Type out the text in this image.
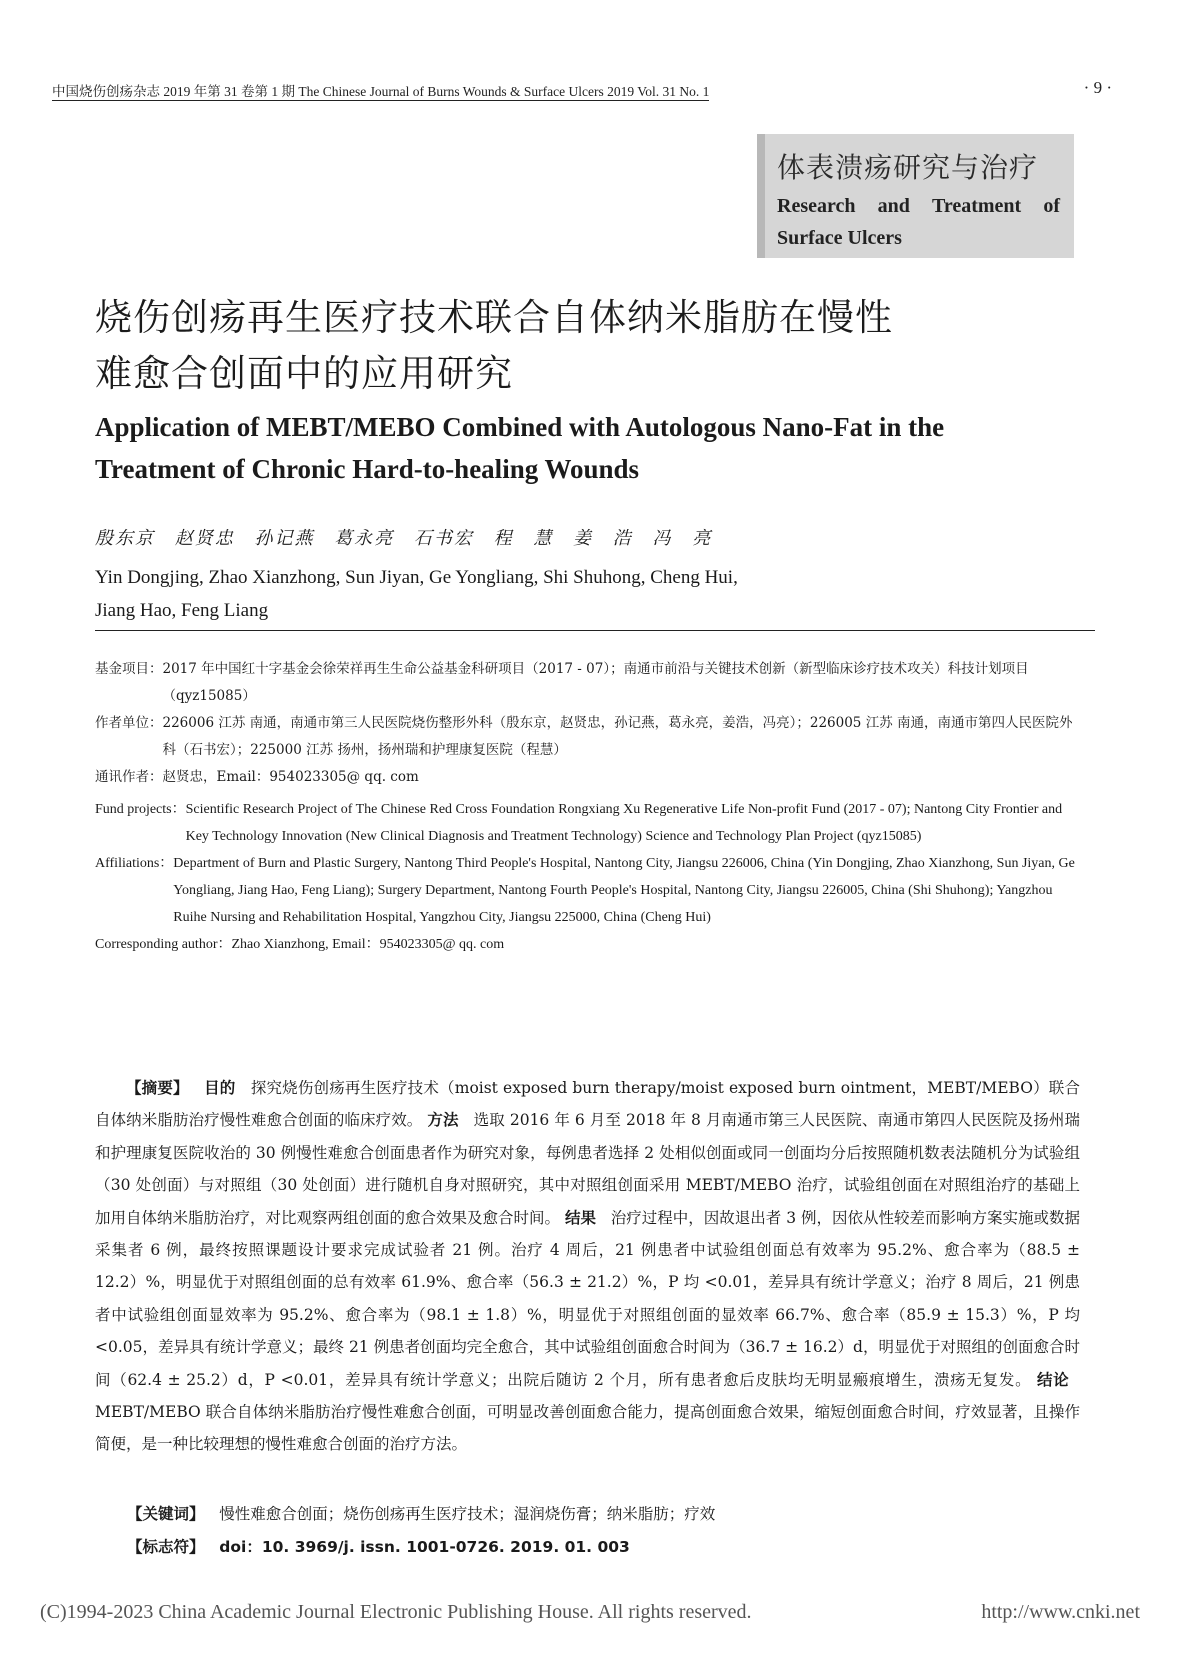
中国烧伤创疡杂志 2019 年第 31 卷第 1 期 The Chinese Journal of Burns Wounds & Surface Ulcers 2019 Vol. 31 No. 1	· 9 ·
体表溃疡研究与治疗
Research and Treatment of
Surface Ulcers
烧伤创疡再生医疗技术联合自体纳米脂肪在慢性
难愈合创面中的应用研究
Application of MEBT/MEBO Combined with Autologous Nano-Fat in the
Treatment of Chronic Hard-to-healing Wounds
殷东京 赵贤忠 孙记燕 葛永亮 石书宏 程 慧 姜 浩 冯 亮
Yin Dongjing, Zhao Xianzhong, Sun Jiyan, Ge Yongliang, Shi Shuhong, Cheng Hui,
Jiang Hao, Feng Liang
基金项目： 2017 年中国红十字基金会徐荣祥再生生命公益基金科研项目（2017 - 07）；南通市前沿与关键技术创新（新型临床诊疗技术攻关）科技计划项目（qyz15085）
作者单位： 226006 江苏 南通，南通市第三人民医院烧伤整形外科（殷东京，赵贤忠，孙记燕，葛永亮，姜浩，冯亮）；226005 江苏 南通，南通市第四人民医院外科（石书宏）；225000 江苏 扬州，扬州瑞和护理康复医院（程慧）
通讯作者： 赵贤忠，Email：954023305@ qq. com
Fund projects： Scientific Research Project of The Chinese Red Cross Foundation Rongxiang Xu Regenerative Life Non-profit Fund (2017 - 07); Nantong City Frontier and Key Technology Innovation (New Clinical Diagnosis and Treatment Technology) Science and Technology Plan Project (qyz15085)
Affiliations： Department of Burn and Plastic Surgery, Nantong Third People's Hospital, Nantong City, Jiangsu 226006, China (Yin Dongjing, Zhao Xianzhong, Sun Jiyan, Ge Yongliang, Jiang Hao, Feng Liang); Surgery Department, Nantong Fourth People's Hospital, Nantong City, Jiangsu 226005, China (Shi Shuhong); Yangzhou Ruihe Nursing and Rehabilitation Hospital, Yangzhou City, Jiangsu 225000, China (Cheng Hui)
Corresponding author： Zhao Xianzhong, Email：954023305@ qq. com
【摘要】 目的 探究烧伤创疡再生医疗技术（moist exposed burn therapy/moist exposed burn ointment，MEBT/MEBO）联合自体纳米脂肪治疗慢性难愈合创面的临床疗效。 方法 选取 2016 年 6 月至 2018 年 8 月南通市第三人民医院、南通市第四人民医院及扬州瑞和护理康复医院收治的 30 例慢性难愈合创面患者作为研究对象，每例患者选择 2 处相似创面或同一创面均分后按照随机数表法随机分为试验组（30 处创面）与对照组（30 处创面）进行随机自身对照研究，其中对照组创面采用 MEBT/MEBO 治疗，试验组创面在对照组治疗的基础上加用自体纳米脂肪治疗，对比观察两组创面的愈合效果及愈合时间。 结果 治疗过程中，因故退出者 3 例，因依从性较差而影响方案实施或数据采集者 6 例，最终按照课题设计要求完成试验者 21 例。治疗 4 周后，21 例患者中试验组创面总有效率为 95.2%、愈合率为（88.5 ± 12.2）%，明显优于对照组创面的总有效率 61.9%、愈合率（56.3 ± 21.2）%，P 均 <0.01，差异具有统计学意义；治疗 8 周后，21 例患者中试验组创面显效率为 95.2%、愈合率为（98.1 ± 1.8）%，明显优于对照组创面的显效率 66.7%、愈合率（85.9 ± 15.3）%，P 均 <0.05，差异具有统计学意义；最终 21 例患者创面均完全愈合，其中试验组创面愈合时间为（36.7 ± 16.2）d，明显优于对照组的创面愈合时间（62.4 ± 25.2）d，P <0.01，差异具有统计学意义；出院后随访 2 个月，所有患者愈后皮肤均无明显瘢痕增生，溃疡无复发。 结论   MEBT/MEBO 联合自体纳米脂肪治疗慢性难愈合创面，可明显改善创面愈合能力，提高创面愈合效果，缩短创面愈合时间，疗效显著，且操作简便，是一种比较理想的慢性难愈合创面的治疗方法。
【关键词】 慢性难愈合创面；烧伤创疡再生医疗技术；湿润烧伤膏；纳米脂肪；疗效
【标志符】 doi：10. 3969/j. issn. 1001-0726. 2019. 01. 003
(C)1994-2023 China Academic Journal Electronic Publishing House. All rights reserved.	http://www.cnki.net
